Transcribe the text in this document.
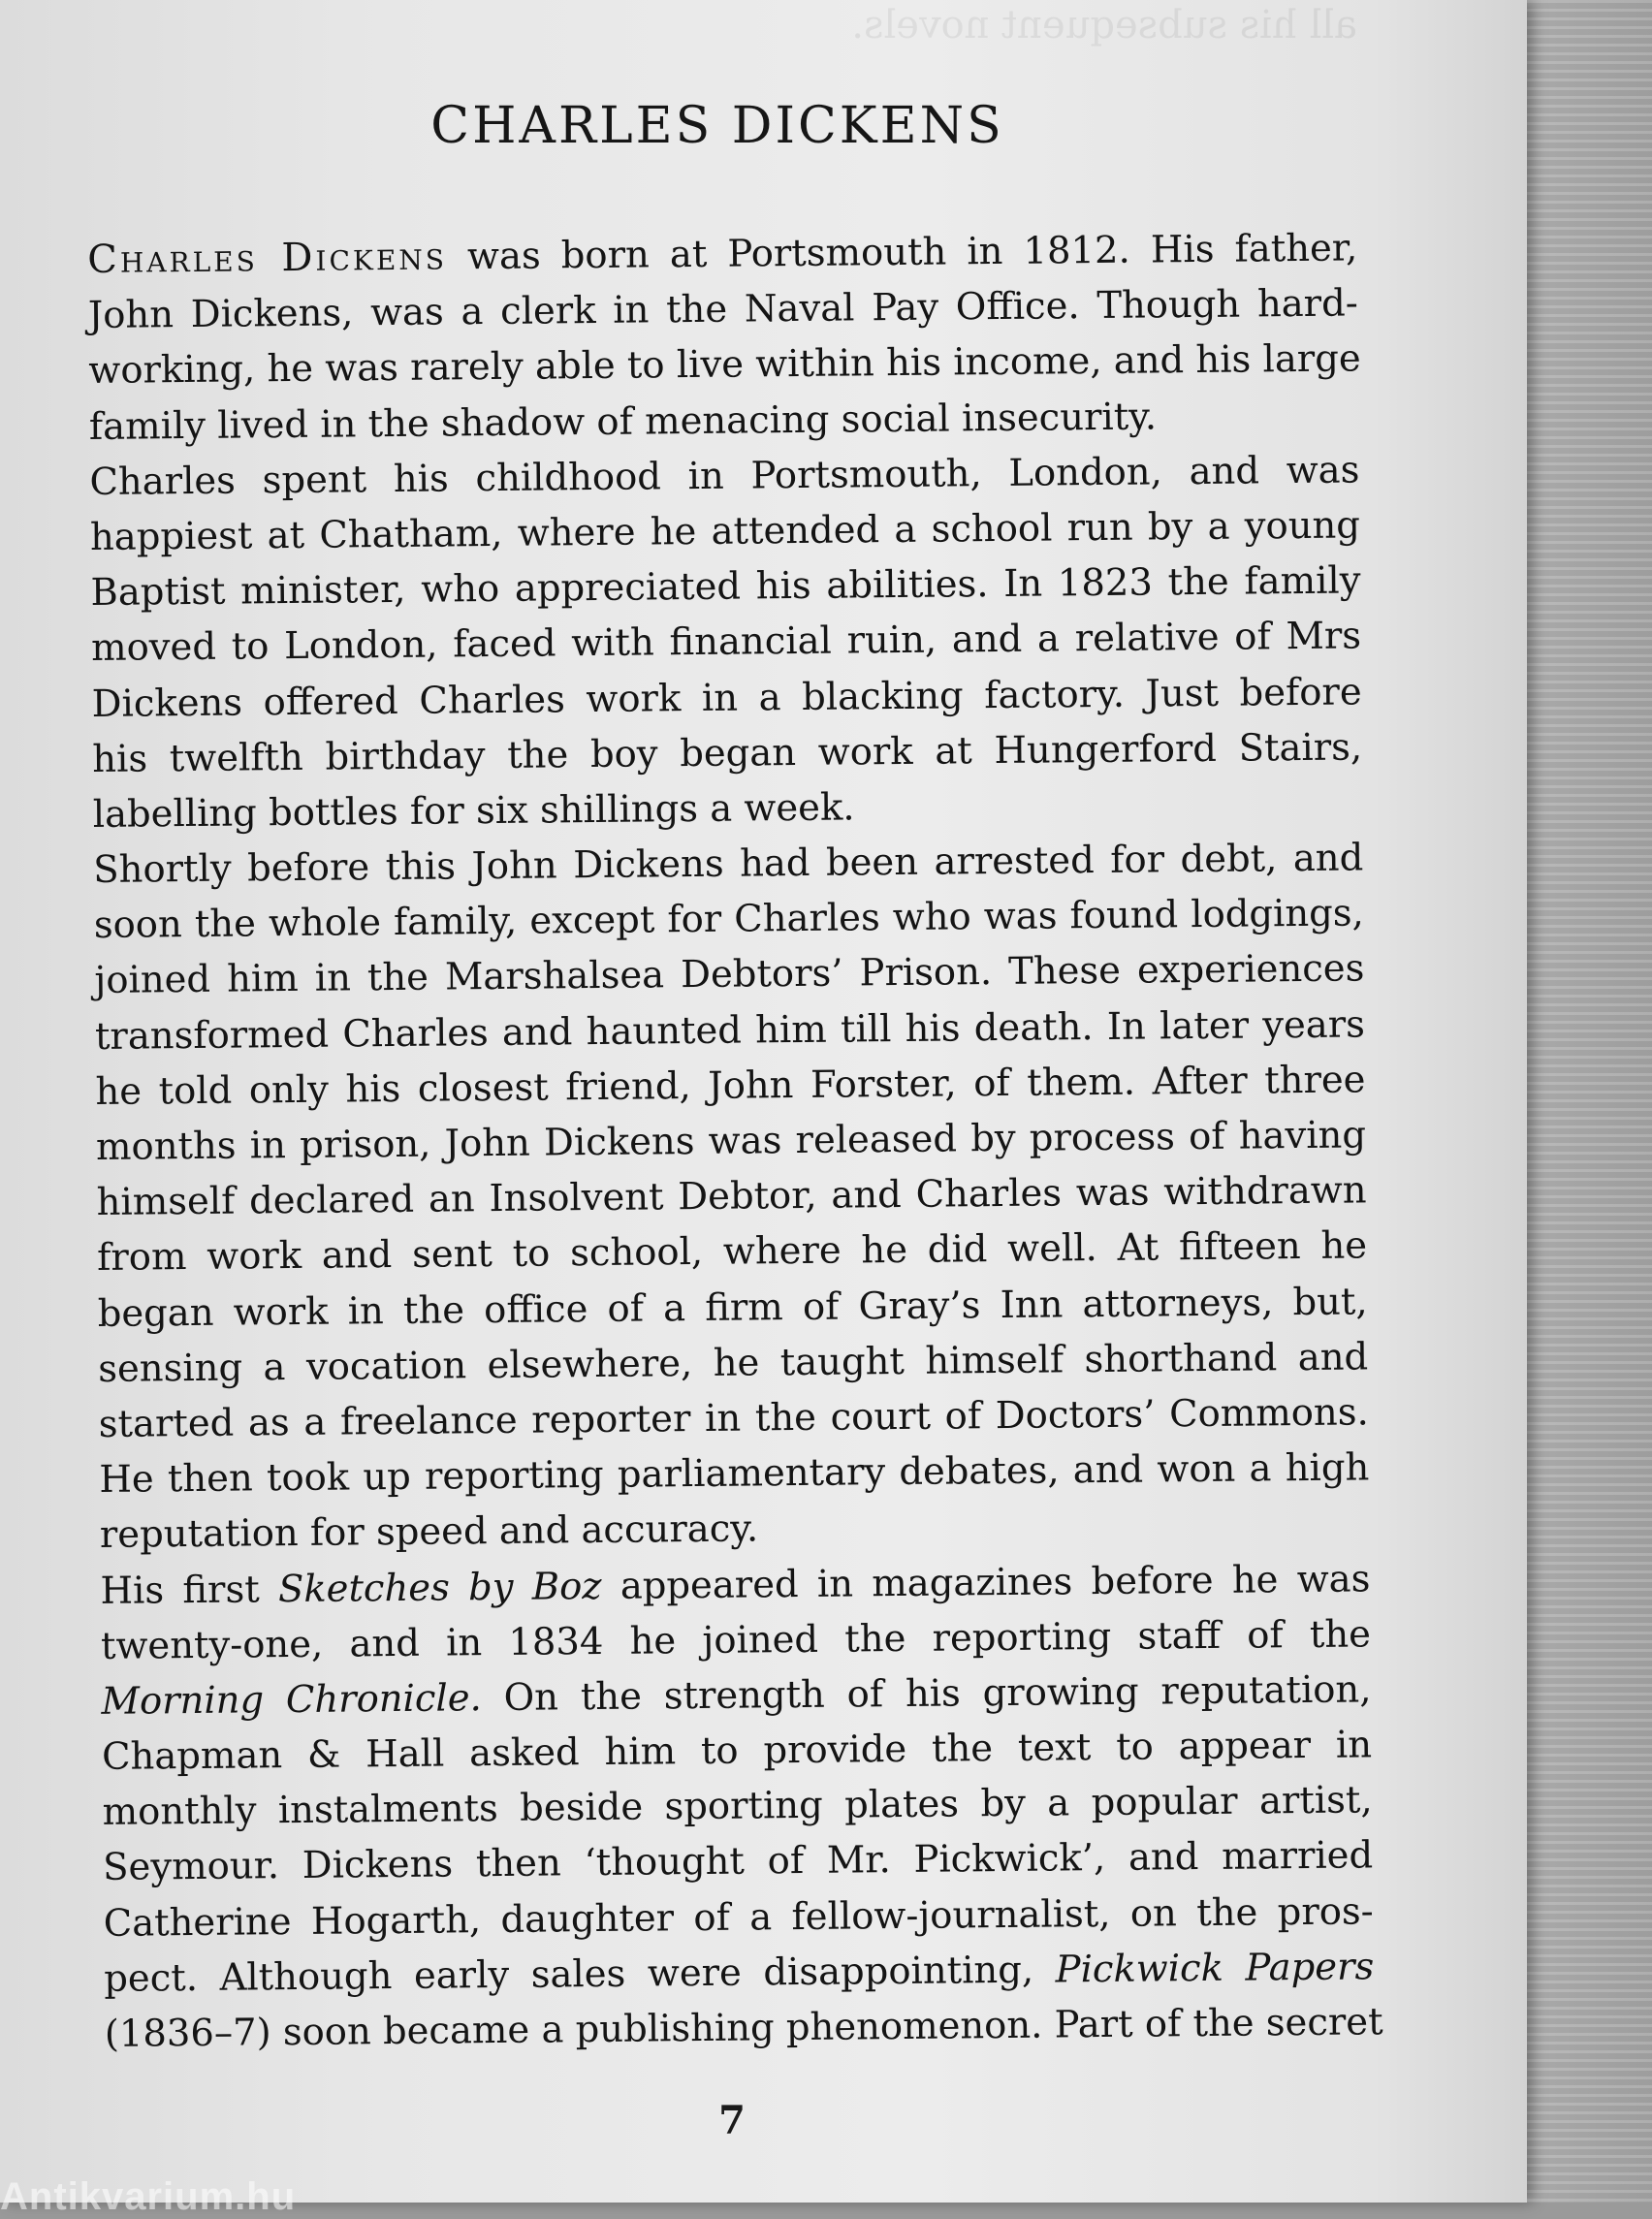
all his subsequent novels.
CHARLES DICKENS
Charles Dickens was born at Portsmouth in 1812. His father,
John Dickens, was a clerk in the Naval Pay Office. Though hard-
working, he was rarely able to live within his income, and his large
family lived in the shadow of menacing social insecurity.
Charles spent his childhood in Portsmouth, London, and was
happiest at Chatham, where he attended a school run by a young
Baptist minister, who appreciated his abilities. In 1823 the family
moved to London, faced with financial ruin, and a relative of Mrs
Dickens offered Charles work in a blacking factory. Just before
his twelfth birthday the boy began work at Hungerford Stairs,
labelling bottles for six shillings a week.
Shortly before this John Dickens had been arrested for debt, and
soon the whole family, except for Charles who was found lodgings,
joined him in the Marshalsea Debtors’ Prison. These experiences
transformed Charles and haunted him till his death. In later years
he told only his closest friend, John Forster, of them. After three
months in prison, John Dickens was released by process of having
himself declared an Insolvent Debtor, and Charles was withdrawn
from work and sent to school, where he did well. At fifteen he
began work in the office of a firm of Gray’s Inn attorneys, but,
sensing a vocation elsewhere, he taught himself shorthand and
started as a freelance reporter in the court of Doctors’ Commons.
He then took up reporting parliamentary debates, and won a high
reputation for speed and accuracy.
His first Sketches by Boz appeared in magazines before he was
twenty-one, and in 1834 he joined the reporting staff of the
Morning Chronicle. On the strength of his growing reputation,
Chapman & Hall asked him to provide the text to appear in
monthly instalments beside sporting plates by a popular artist,
Seymour. Dickens then ‘thought of Mr. Pickwick’, and married
Catherine Hogarth, daughter of a fellow-journalist, on the pros-
pect. Although early sales were disappointing, Pickwick Papers
(1836–7) soon became a publishing phenomenon. Part of the secret
7
Antikvarium.hu
